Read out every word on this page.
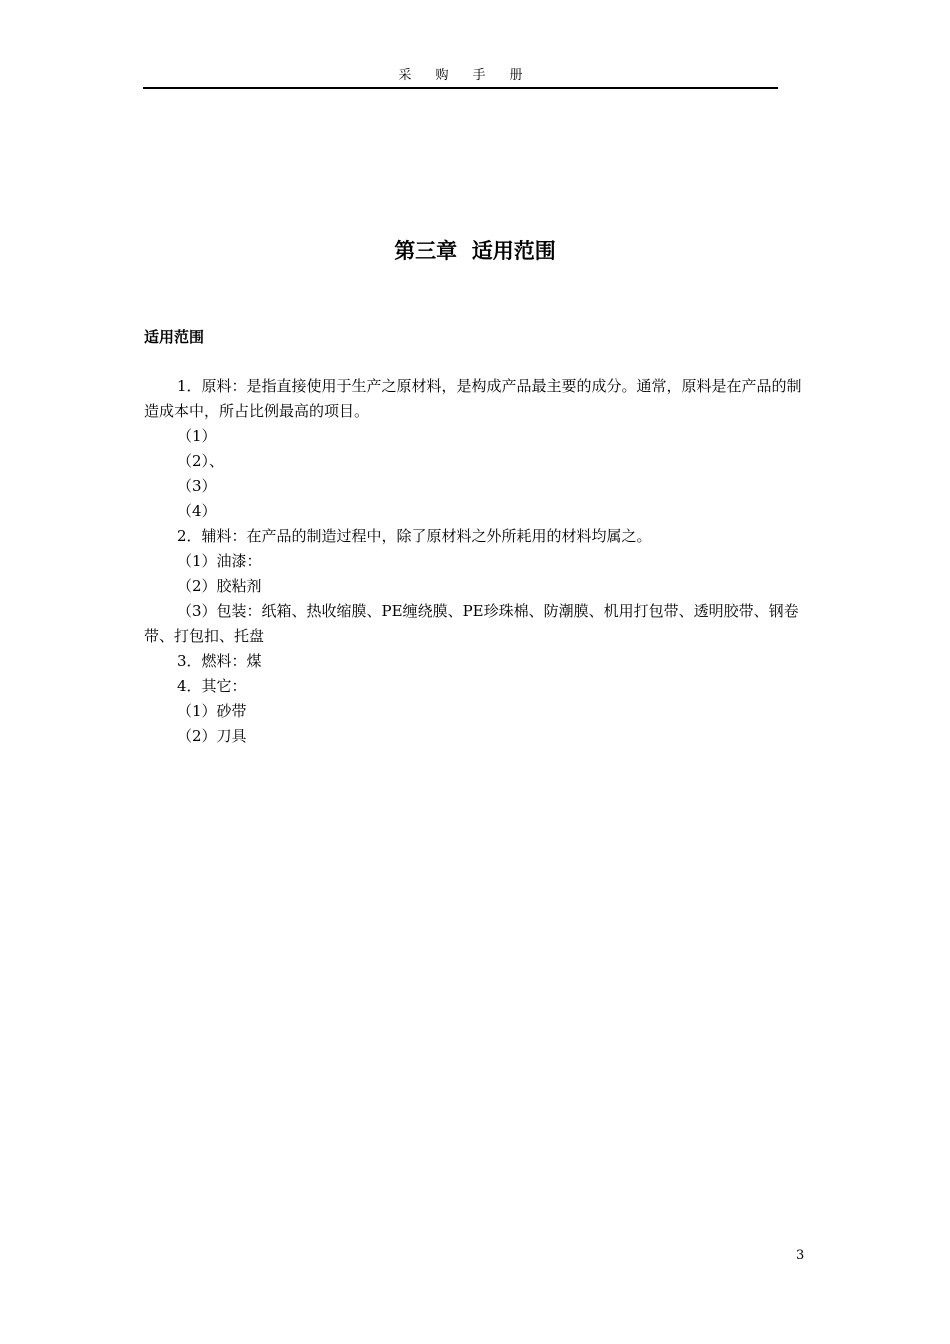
采购手册
第三章  适用范围
适用范围

1．原料：是指直接使用于生产之原材料，是构成产品最主要的成分。通常，原料是在产品的制造成本中，所占比例最高的项目。

（1）

（2）、

（3）

（4）

2．辅料：在产品的制造过程中，除了原材料之外所耗用的材料均属之。

（1）油漆：

（2）胶粘剂

（3）包装：纸箱、热收缩膜、PE缠绕膜、PE珍珠棉、防潮膜、机用打包带、透明胶带、钢卷带、打包扣、托盘

3．燃料：煤

4．其它：

（1）砂带

（2）刀具

3
